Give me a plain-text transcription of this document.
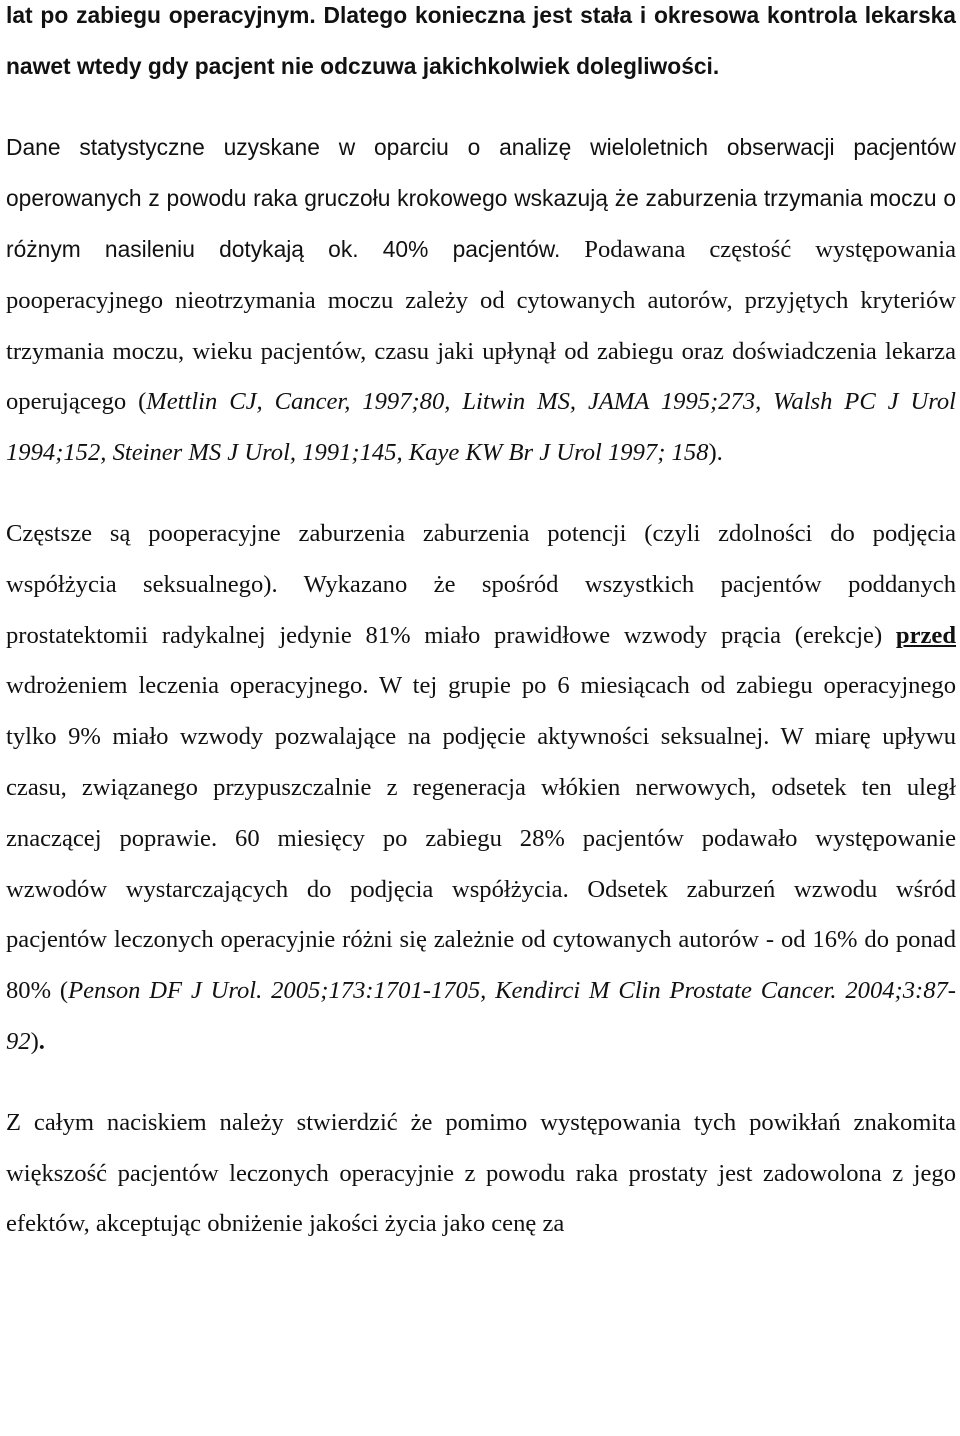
lat po zabiegu operacyjnym. Dlatego konieczna jest stała i okresowa kontrola lekarska nawet wtedy gdy pacjent nie odczuwa jakichkolwiek dolegliwości.

Dane statystyczne uzyskane w oparciu o analizę wieloletnich obserwacji pacjentów operowanych z powodu raka gruczołu krokowego wskazują że zaburzenia trzymania moczu o różnym nasileniu dotykają ok. 40% pacjentów. Podawana częstość występowania pooperacyjnego nieotrzymania moczu zależy od cytowanych autorów, przyjętych kryteriów trzymania moczu, wieku pacjentów, czasu jaki upłynął od zabiegu oraz doświadczenia lekarza operującego (Mettlin CJ, Cancer, 1997;80, Litwin MS, JAMA 1995;273, Walsh PC J Urol 1994;152, Steiner MS J Urol, 1991;145, Kaye KW Br J Urol 1997; 158).

Częstsze są pooperacyjne zaburzenia zaburzenia potencji (czyli zdolności do podjęcia współżycia seksualnego). Wykazano że spośród wszystkich pacjentów poddanych prostatektomii radykalnej jedynie 81% miało prawidłowe wzwody prącia (erekcje) przed wdrożeniem leczenia operacyjnego. W tej grupie po 6 miesiącach od zabiegu operacyjnego tylko 9% miało wzwody pozwalające na podjęcie aktywności seksualnej. W miarę upływu czasu, związanego przypuszczalnie z regeneracja włókien nerwowych, odsetek ten uległ znaczącej poprawie. 60 miesięcy po zabiegu 28% pacjentów podawało występowanie wzwodów wystarczających do podjęcia współżycia. Odsetek zaburzeń wzwodu wśród pacjentów leczonych operacyjnie różni się zależnie od cytowanych autorów - od 16% do ponad 80% (Penson DF J Urol. 2005;173:1701-1705, Kendirci M Clin Prostate Cancer. 2004;3:87-92).

Z całym naciskiem należy stwierdzić że pomimo występowania tych powikłań znakomita większość pacjentów leczonych operacyjnie z powodu raka prostaty jest zadowolona z jego efektów, akceptując obniżenie jakości życia jako cenę za
